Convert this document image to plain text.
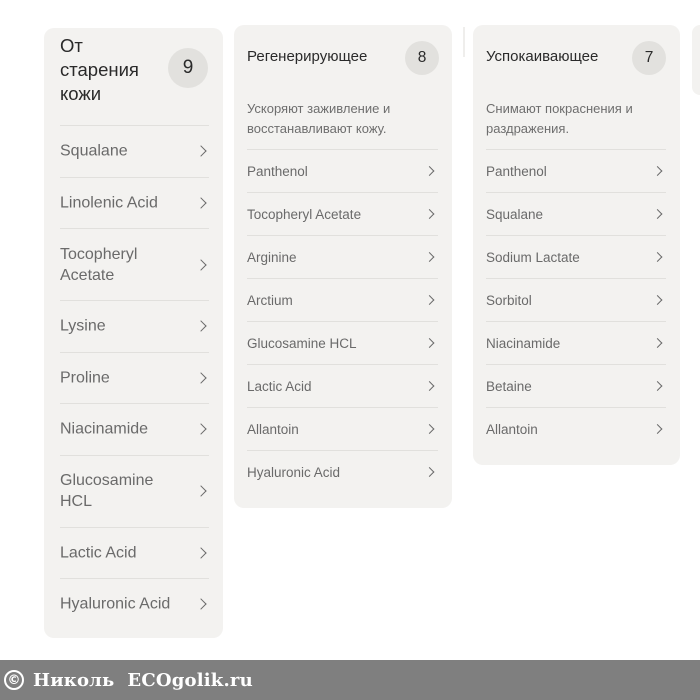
От старения кожи
9
Squalane
Linolenic Acid
Tocopheryl Acetate
Lysine
Proline
Niacinamide
Glucosamine HCL
Lactic Acid
Hyaluronic Acid
Регенерирующее	8
Ускоряют заживление и восстанавливают кожу.
Panthenol
Tocopheryl Acetate
Arginine
Arctium
Glucosamine HCL
Lactic Acid
Allantoin
Hyaluronic Acid
Успокаивающее	7
Снимают покраснения и раздражения.
Panthenol
Squalane
Sodium Lactate
Sorbitol
Niacinamide
Betaine
Allantoin
© Николь  ECOgolik.ru
